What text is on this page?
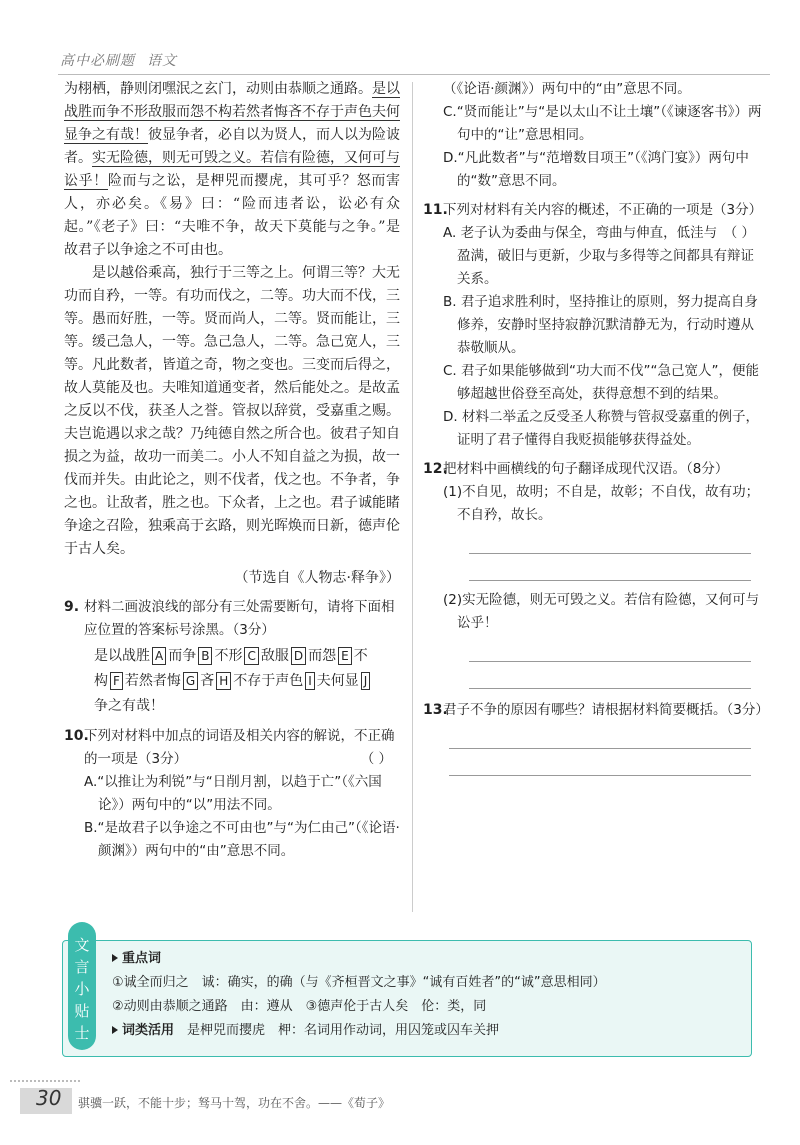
高中必刷题 语文

为栩栖，静则闭嘿泯之玄门，动则由恭顺之通路。是以战胜而争不形敌服而怨不构若然者悔吝不存于声色夫何显争之有哉！彼显争者，必自以为贤人，而人以为险诐者。实无险德，则无可毁之义。若信有险德，又何可与讼乎！险而与之讼，是柙兕而撄虎，其可乎？怒而害人，亦必矣。《易》曰：“险而违者讼，讼必有众起。”《老子》曰：“夫唯不争，故天下莫能与之争。”是故君子以争途之不可由也。

是以越俗乘高，独行于三等之上。何谓三等？大无功而自矜，一等。有功而伐之，二等。功大而不伐，三等。愚而好胜，一等。贤而尚人，二等。贤而能让，三等。缓己急人，一等。急己急人，二等。急己宽人，三等。凡此数者，皆道之奇，物之变也。三变而后得之，故人莫能及也。夫唯知道通变者，然后能处之。是故孟之反以不伐，获圣人之誉。管叔以辞赏，受嘉重之赐。夫岂诡遇以求之哉？乃纯德自然之所合也。彼君子知自损之为益，故功一而美二。小人不知自益之为损，故一伐而并失。由此论之，则不伐者，伐之也。不争者，争之也。让敌者，胜之也。下众者，上之也。君子诚能睹争途之召险，独乘高于玄路，则光晖焕而日新，德声伦于古人矣。

（节选自《人物志·释争》）

9. 材料二画波浪线的部分有三处需要断句，请将下面相应位置的答案标号涂黑。（3分）
是以战胜 A 而争 B 不形 C 敌服 D 而怨 E 不
构 F 若然者悔 G 吝 H 不存于声色 I 夫何显 J
争之有哉！
10.
下列对材料中加点的词语及相关内容的解说，不正确的一项是（3分）	（ ）

A.“以推让为利锐”与“日削月割，以趋于亡”（《六国论》）两句中的“以”用法不同。

B.“是故君子以争途之不可由也”与“为仁由己”（《论语·颜渊》）两句中的“由”意思不同。

（《论语·颜渊》）两句中的“由”意思不同。

C.“贤而能让”与“是以太山不让土壤”（《谏逐客书》）两句中的“让”意思相同。

D.“凡此数者”与“范增数目项王”（《鸿门宴》）两句中的“数”意思不同。

11.
下列对材料有关内容的概述，不正确的一项是（3分）
（ ）

A. 老子认为委曲与保全，弯曲与伸直，低洼与盈满，破旧与更新，少取与多得等之间都具有辩证关系。

B. 君子追求胜利时，坚持推让的原则，努力提高自身修养，安静时坚持寂静沉默清静无为，行动时遵从恭敬顺从。

C. 君子如果能够做到“功大而不伐”“急己宽人”，便能够超越世俗登至高处，获得意想不到的结果。

D. 材料二举孟之反受圣人称赞与管叔受嘉重的例子，证明了君子懂得自我贬损能够获得益处。

12.
把材料中画横线的句子翻译成现代汉语。（8分）

(1)不自见，故明；不自是，故彰；不自伐，故有功；不自矜，故长。

(2)实无险德，则无可毁之义。若信有险德，又何可与讼乎！

13.
君子不争的原因有哪些？请根据材料简要概括。（3分）
文言小贴士
重点词
①诚全而归之　诚：确实，的确（与《齐桓晋文之事》“诚有百姓者”的“诚”意思相同）
②动则由恭顺之通路　由：遵从　③德声伦于古人矣　伦：类，同
词类活用　 是柙兕而撄虎　柙：名词用作动词，用囚笼或囚车关押
30 骐骥一跃，不能十步；驽马十驾，功在不舍。——《荀子》
